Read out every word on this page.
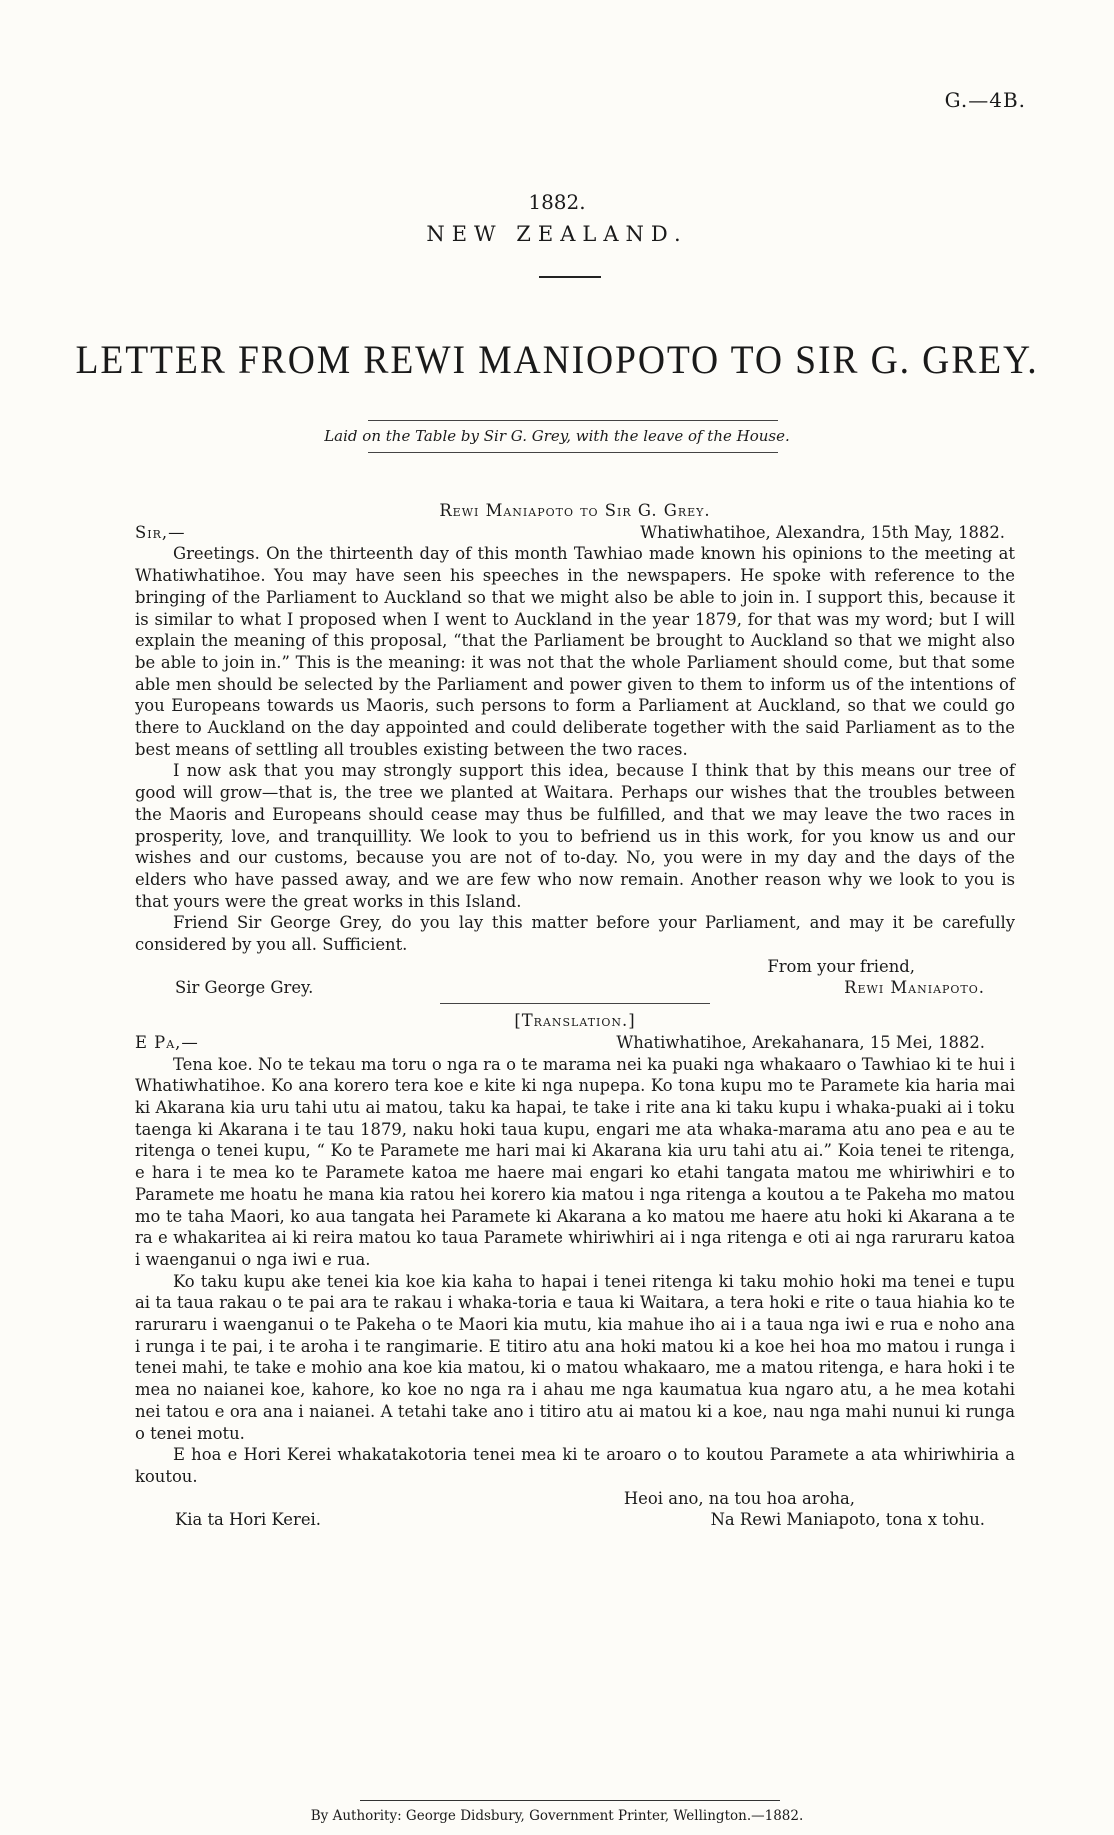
G.—4B.
1882.
NEW ZEALAND.
LETTER FROM REWI MANIOPOTO TO SIR G. GREY.
Laid on the Table by Sir G. Grey, with the leave of the House.
Rewi Maniapoto to Sir G. Grey.
Sir,—	Whatiwhatihoe, Alexandra, 15th May, 1882.

Greetings. On the thirteenth day of this month Tawhiao made known his opinions to the meeting at Whatiwhatihoe. You may have seen his speeches in the newspapers. He spoke with reference to the bringing of the Parliament to Auckland so that we might also be able to join in. I support this, because it is similar to what I proposed when I went to Auckland in the year 1879, for that was my word; but I will explain the meaning of this proposal, “that the Parliament be brought to Auckland so that we might also be able to join in.” This is the meaning: it was not that the whole Parliament should come, but that some able men should be selected by the Parliament and power given to them to inform us of the intentions of you Europeans towards us Maoris, such persons to form a Parliament at Auckland, so that we could go there to Auckland on the day appointed and could deliberate together with the said Parliament as to the best means of settling all troubles existing between the two races.

I now ask that you may strongly support this idea, because I think that by this means our tree of good will grow—that is, the tree we planted at Waitara. Perhaps our wishes that the troubles between the Maoris and Europeans should cease may thus be fulfilled, and that we may leave the two races in prosperity, love, and tranquillity. We look to you to befriend us in this work, for you know us and our wishes and our customs, because you are not of to-day. No, you were in my day and the days of the elders who have passed away, and we are few who now remain. Another reason why we look to you is that yours were the great works in this Island.

Friend Sir George Grey, do you lay this matter before your Parliament, and may it be carefully considered by you all. Sufficient.

From your friend,
Sir George Grey.	Rewi Maniapoto.
[Translation.]
E Pa,—	Whatiwhatihoe, Arekahanara, 15 Mei, 1882.

Tena koe. No te tekau ma toru o nga ra o te marama nei ka puaki nga whakaaro o Tawhiao ki te hui i Whatiwhatihoe. Ko ana korero tera koe e kite ki nga nupepa. Ko tona kupu mo te Paramete kia haria mai ki Akarana kia uru tahi utu ai matou, taku ka hapai, te take i rite ana ki taku kupu i whaka-puaki ai i toku taenga ki Akarana i te tau 1879, naku hoki taua kupu, engari me ata whaka-marama atu ano pea e au te ritenga o tenei kupu, “ Ko te Paramete me hari mai ki Akarana kia uru tahi atu ai.” Koia tenei te ritenga, e hara i te mea ko te Paramete katoa me haere mai engari ko etahi tangata matou me whiriwhiri e to Paramete me hoatu he mana kia ratou hei korero kia matou i nga ritenga a koutou a te Pakeha mo matou mo te taha Maori, ko aua tangata hei Paramete ki Akarana a ko matou me haere atu hoki ki Akarana a te ra e whakaritea ai ki reira matou ko taua Paramete whiriwhiri ai i nga ritenga e oti ai nga raruraru katoa i waenganui o nga iwi e rua.

Ko taku kupu ake tenei kia koe kia kaha to hapai i tenei ritenga ki taku mohio hoki ma tenei e tupu ai ta taua rakau o te pai ara te rakau i whaka-toria e taua ki Waitara, a tera hoki e rite o taua hiahia ko te raruraru i waenganui o te Pakeha o te Maori kia mutu, kia mahue iho ai i a taua nga iwi e rua e noho ana i runga i te pai, i te aroha i te rangimarie. E titiro atu ana hoki matou ki a koe hei hoa mo matou i runga i tenei mahi, te take e mohio ana koe kia matou, ki o matou whakaaro, me a matou ritenga, e hara hoki i te mea no naianei koe, kahore, ko koe no nga ra i ahau me nga kaumatua kua ngaro atu, a he mea kotahi nei tatou e ora ana i naianei. A tetahi take ano i titiro atu ai matou ki a koe, nau nga mahi nunui ki runga o tenei motu.

E hoa e Hori Kerei whakatakotoria tenei mea ki te aroaro o to koutou Paramete a ata whiriwhiria a koutou.

Heoi ano, na tou hoa aroha,
Kia ta Hori Kerei.	Na Rewi Maniapoto, tona x tohu.
By Authority: George Didsbury, Government Printer, Wellington.—1882.
